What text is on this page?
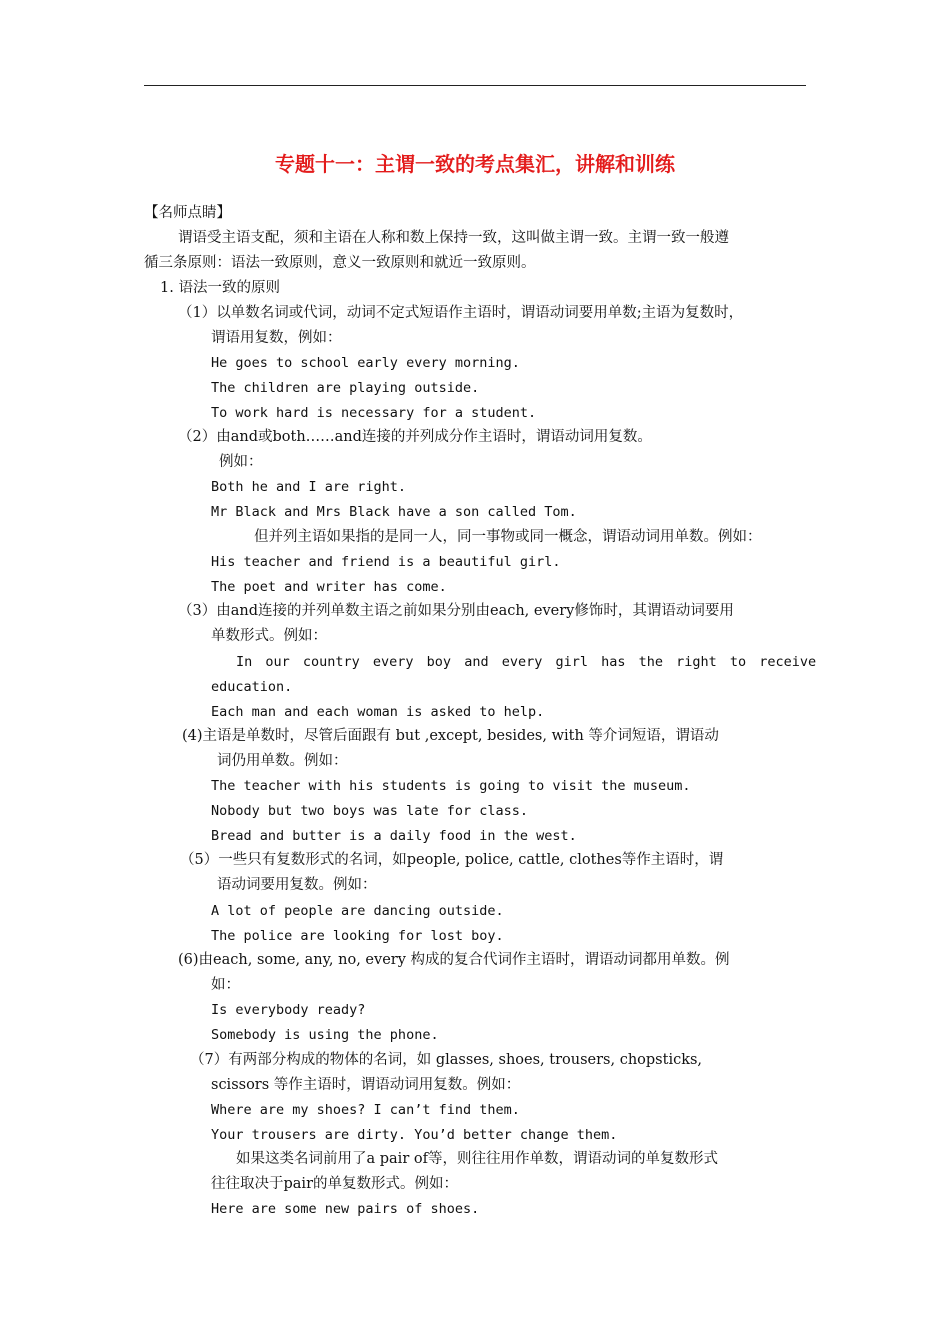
专题十一：主谓一致的考点集汇，讲解和训练
【名师点睛】
谓语受主语支配，须和主语在人称和数上保持一致，这叫做主谓一致。主谓一致一般遵
循三条原则：语法一致原则，意义一致原则和就近一致原则。
1. 语法一致的原则
（1）以单数名词或代词，动词不定式短语作主语时，谓语动词要用单数;主语为复数时，
谓语用复数，例如：
He goes to school early every morning.
The children are playing outside.
To work hard is necessary for a student.
（2）由and或both……and连接的并列成分作主语时，谓语动词用复数。
例如：
Both he and I are right.
Mr Black and Mrs Black have a son called Tom.
但并列主语如果指的是同一人，同一事物或同一概念，谓语动词用单数。例如：
His teacher and friend is a beautiful girl.
The poet and writer has come.
（3）由and连接的并列单数主语之前如果分别由each, every修饰时，其谓语动词要用
单数形式。例如：
In our country every boy and every girl has the right to receive
education.
Each man and each woman is asked to help.
(4)主语是单数时，尽管后面跟有 but ,except, besides, with 等介词短语，谓语动
词仍用单数。例如：
The teacher with his students is going to visit the museum.
Nobody but two boys was late for class.
Bread and butter is a daily food in the west.
（5）一些只有复数形式的名词，如people, police, cattle, clothes等作主语时，谓
语动词要用复数。例如：
A lot of people are dancing outside.
The police are looking for lost boy.
(6)由each, some, any, no, every 构成的复合代词作主语时，谓语动词都用单数。例
如：
Is everybody ready?
Somebody is using the phone.
（7）有两部分构成的物体的名词，如 glasses, shoes, trousers, chopsticks,
scissors 等作主语时，谓语动词用复数。例如：
Where are my shoes? I can’t find them.
Your trousers are dirty. You’d better change them.
如果这类名词前用了a pair of等，则往往用作单数，谓语动词的单复数形式
往往取决于pair的单复数形式。例如：
Here are some new pairs of shoes.
